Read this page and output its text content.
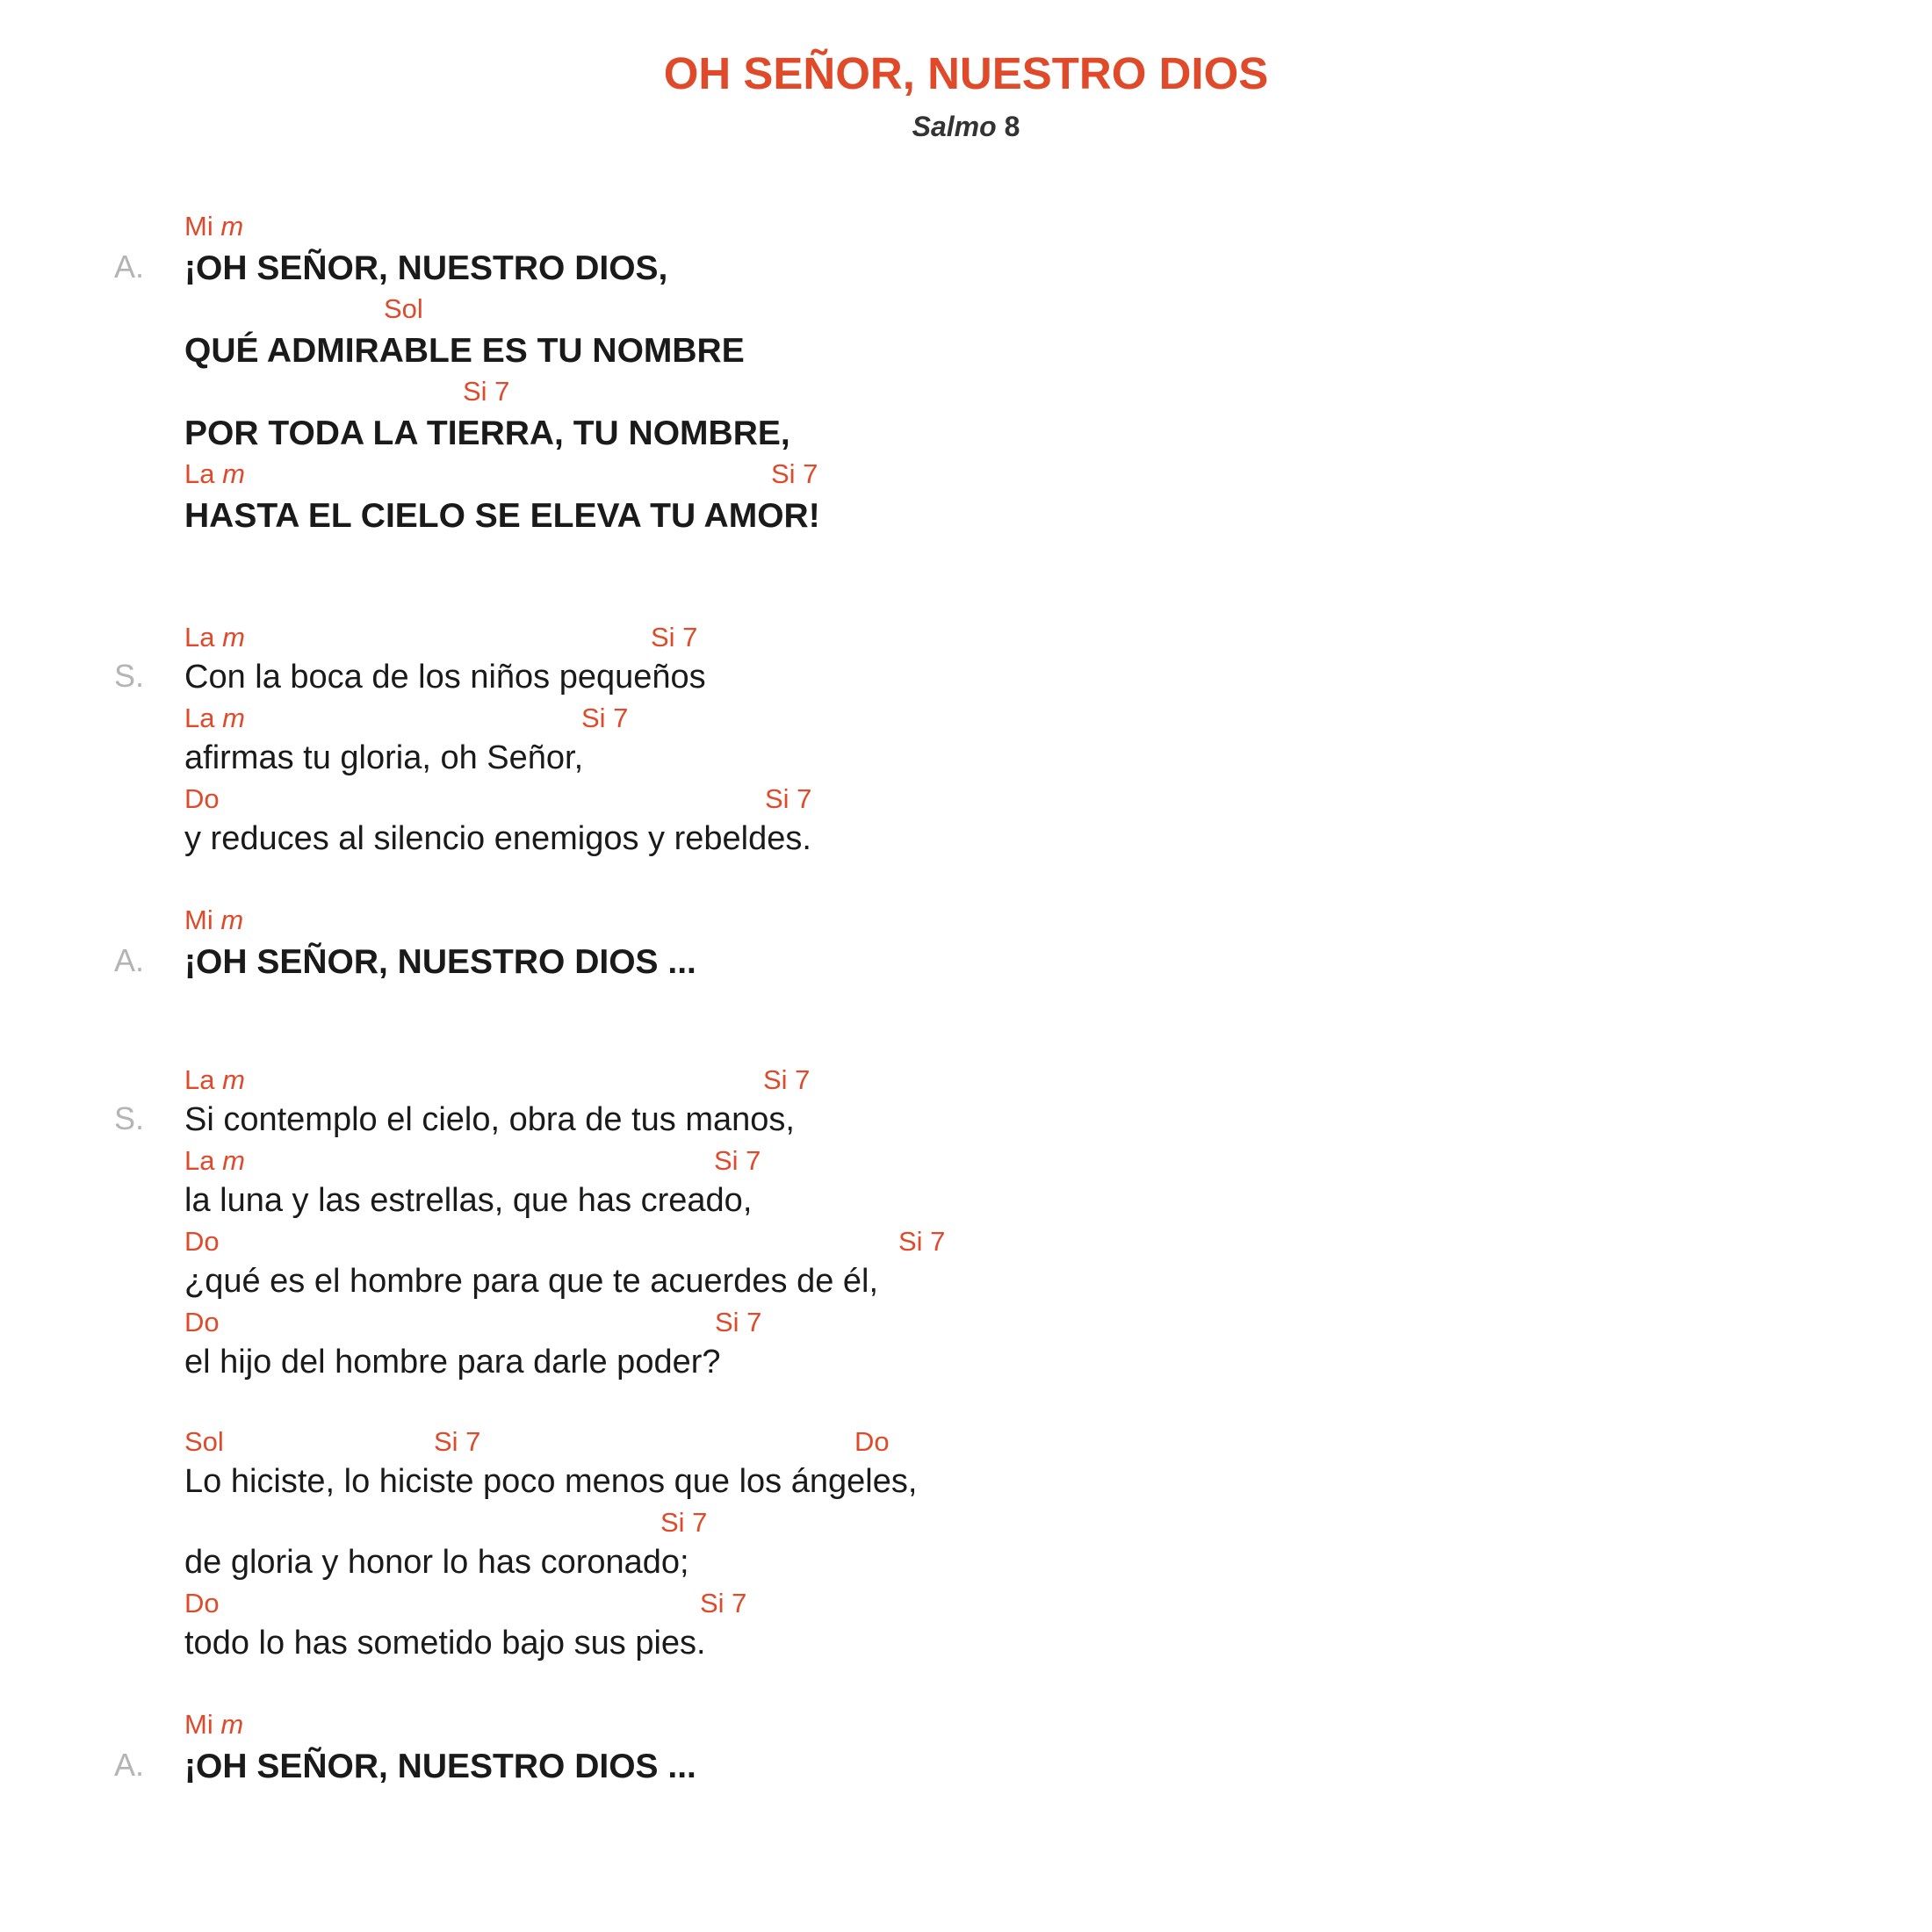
OH SEÑOR, NUESTRO DIOS
Salmo 8
A.
Mi m
¡OH SEÑOR, NUESTRO DIOS,
Sol
QUÉ ADMIRABLE ES TU NOMBRE
Si 7
POR TODA LA TIERRA, TU NOMBRE,
La m	Si 7
HASTA EL CIELO SE ELEVA TU AMOR!
S.
La m	Si 7
Con la boca de los niños pequeños
La m	Si 7
afirmas tu gloria, oh Señor,
Do	Si 7
y reduces al silencio enemigos y rebeldes.
A.
Mi m
¡OH SEÑOR, NUESTRO DIOS ...
S.
La m	Si 7
Si contemplo el cielo, obra de tus manos,
La m	Si 7
la luna y las estrellas, que has creado,
Do	Si 7
¿qué es el hombre para que te acuerdes de él,
Do	Si 7
el hijo del hombre para darle poder?
Sol	Si 7	Do
Lo hiciste, lo hiciste poco menos que los ángeles,
Si 7
de gloria y honor lo has coronado;
Do	Si 7
todo lo has sometido bajo sus pies.
A.
Mi m
¡OH SEÑOR, NUESTRO DIOS ...
